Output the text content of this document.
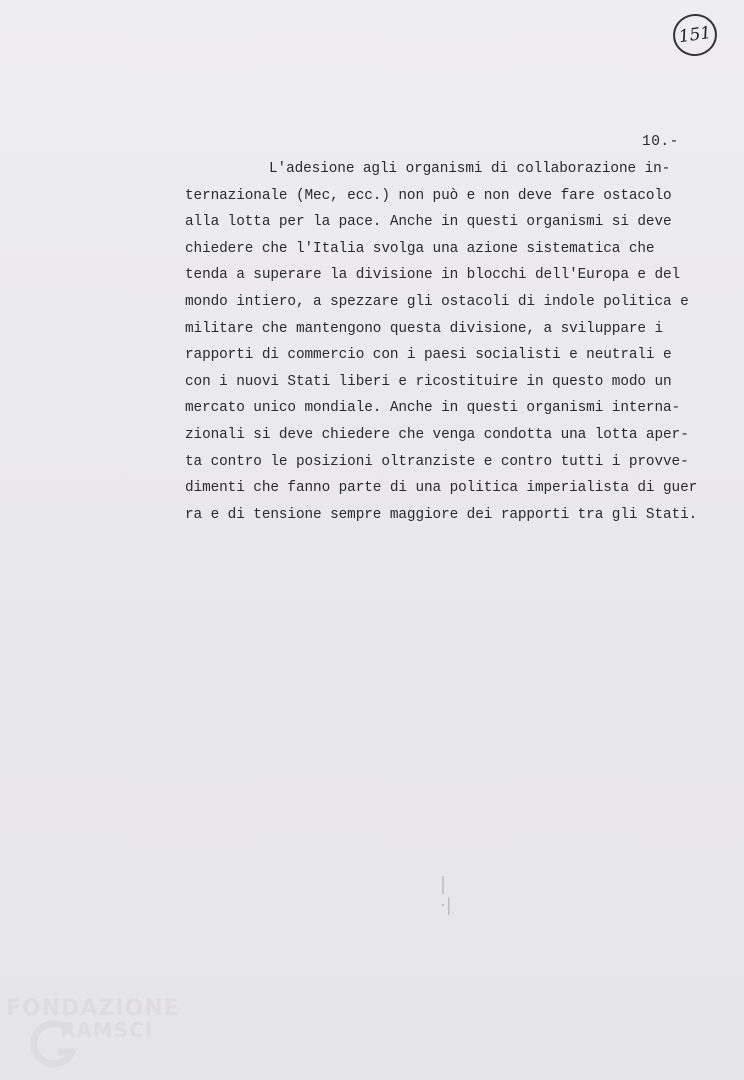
151
10.-
L'adesione agli organismi di collaborazione in-
ternazionale (Mec, ecc.) non può e non deve fare ostacolo
alla lotta per la pace. Anche in questi organismi si deve
chiedere che l'Italia svolga una azione sistematica che
tenda a superare la divisione in blocchi dell'Europa e del
mondo intiero, a spezzare gli ostacoli di indole politica e
militare che mantengono questa divisione, a sviluppare i
rapporti di commercio con i paesi socialisti e neutrali e
con i nuovi Stati liberi e ricostituire in questo modo un
mercato unico mondiale. Anche in questi organismi interna-
zionali si deve chiedere che venga condotta una lotta aper-
ta contro le posizioni oltranziste e contro tutti i provve-
dimenti che fanno parte di una politica imperialista di guer
ra e di tensione sempre maggiore dei rapporti tra gli Stati.
|·|
FONDAZIONE
RAMSCI
